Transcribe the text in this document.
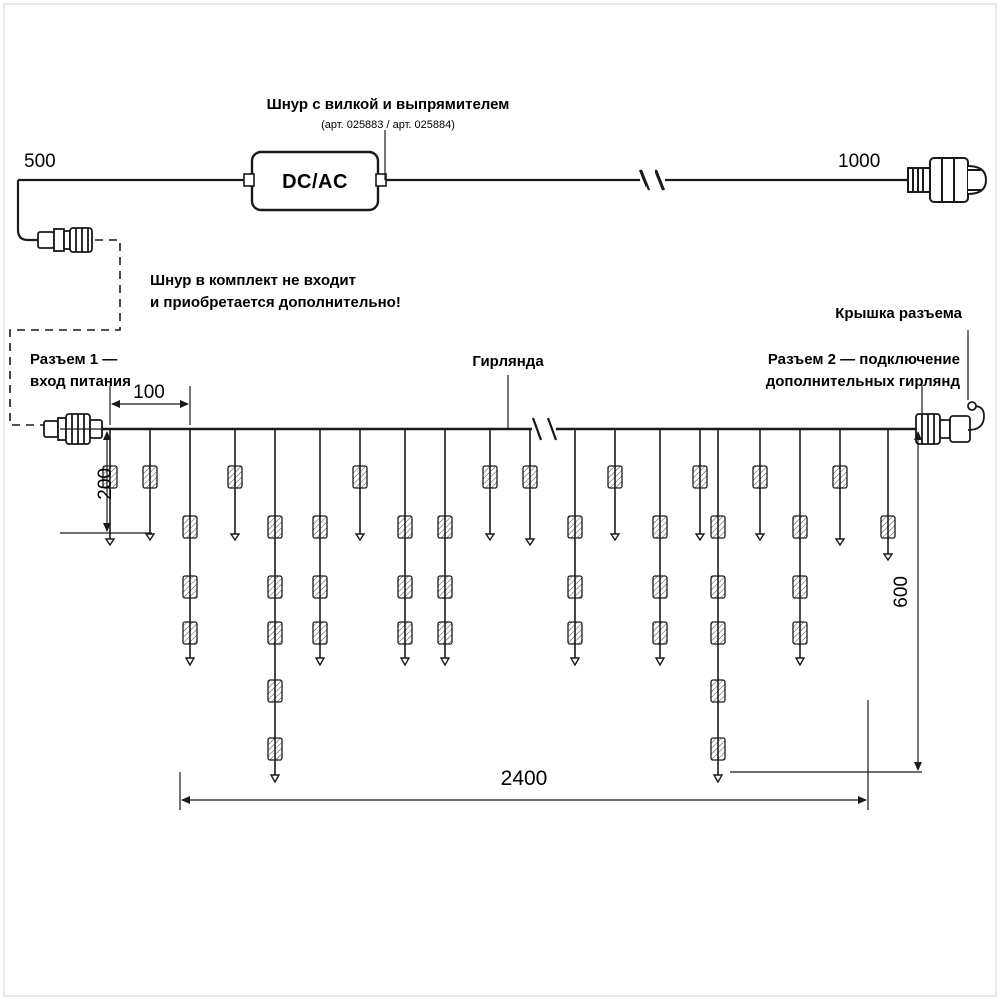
500	1000
Шнур с вилкой и выпрямителем
(арт. 025883 / арт. 025884)
DC/AC
Шнур в комплект не входит
и приобретается дополнительно!
Разъем 1 —
вход питания
Крышка разъема
Разъем 2 — подключение
дополнительных гирлянд
Гирлянда
100
200
600
2400
